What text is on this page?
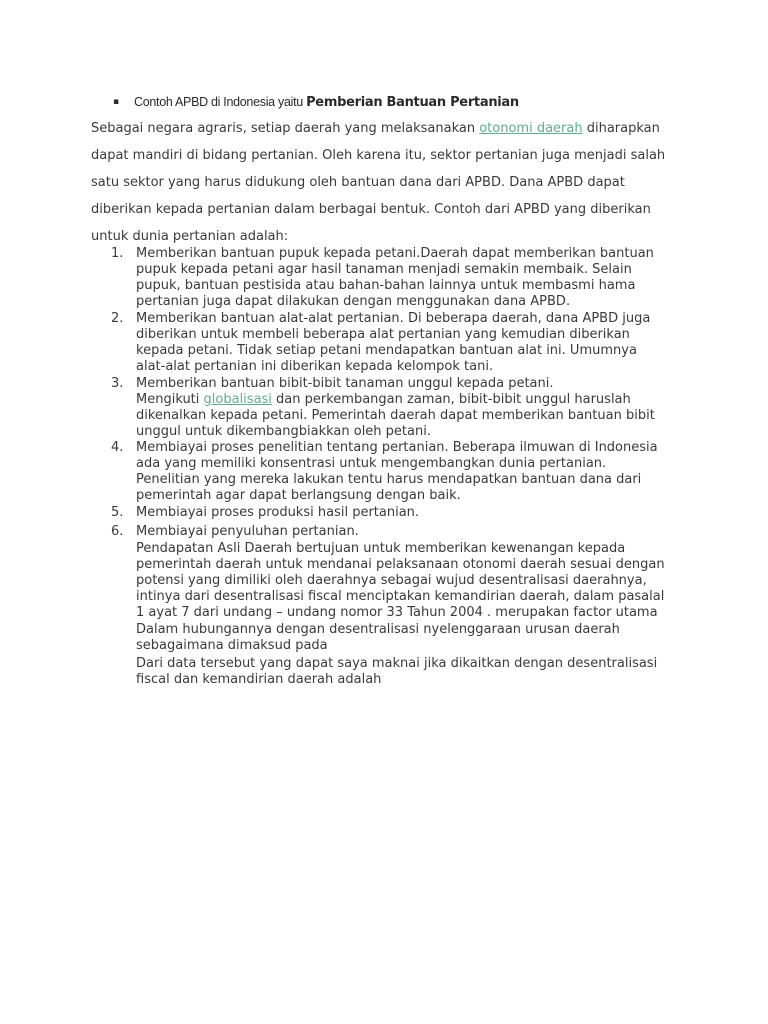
▪ Contoh APBD di Indonesia yaitu Pemberian Bantuan Pertanian
Sebagai negara agraris, setiap daerah yang melaksanakan otonomi daerah diharapkan
dapat mandiri di bidang pertanian. Oleh karena itu, sektor pertanian juga menjadi salah
satu sektor yang harus didukung oleh bantuan dana dari APBD. Dana APBD dapat
diberikan kepada pertanian dalam berbagai bentuk. Contoh dari APBD yang diberikan
untuk dunia pertanian adalah:
1. Memberikan bantuan pupuk kepada petani.Daerah dapat memberikan bantuan
pupuk kepada petani agar hasil tanaman menjadi semakin membaik. Selain
pupuk, bantuan pestisida atau bahan-bahan lainnya untuk membasmi hama
pertanian juga dapat dilakukan dengan menggunakan dana APBD.
2. Memberikan bantuan alat-alat pertanian. Di beberapa daerah, dana APBD juga
diberikan untuk membeli beberapa alat pertanian yang kemudian diberikan
kepada petani. Tidak setiap petani mendapatkan bantuan alat ini. Umumnya
alat-alat pertanian ini diberikan kepada kelompok tani.
3. Memberikan bantuan bibit-bibit tanaman unggul kepada petani.
Mengikuti globalisasi dan perkembangan zaman, bibit-bibit unggul haruslah
dikenalkan kepada petani. Pemerintah daerah dapat memberikan bantuan bibit
unggul untuk dikembangbiakkan oleh petani.
4. Membiayai proses penelitian tentang pertanian. Beberapa ilmuwan di Indonesia
ada yang memiliki konsentrasi untuk mengembangkan dunia pertanian.
Penelitian yang mereka lakukan tentu harus mendapatkan bantuan dana dari
pemerintah agar dapat berlangsung dengan baik.
5. Membiayai proses produksi hasil pertanian.
6. Membiayai penyuluhan pertanian.
Pendapatan Asli Daerah bertujuan untuk memberikan kewenangan kepada
pemerintah daerah untuk mendanai pelaksanaan otonomi daerah sesuai dengan
potensi yang dimiliki oleh daerahnya sebagai wujud desentralisasi daerahnya,
intinya dari desentralisasi fiscal menciptakan kemandirian daerah, dalam pasalal
1 ayat 7 dari undang – undang nomor 33 Tahun 2004 . merupakan factor utama
Dalam hubungannya dengan desentralisasi nyelenggaraan urusan daerah
sebagaimana dimaksud pada
Dari data tersebut yang dapat saya maknai jika dikaitkan dengan desentralisasi
fiscal dan kemandirian daerah adalah
